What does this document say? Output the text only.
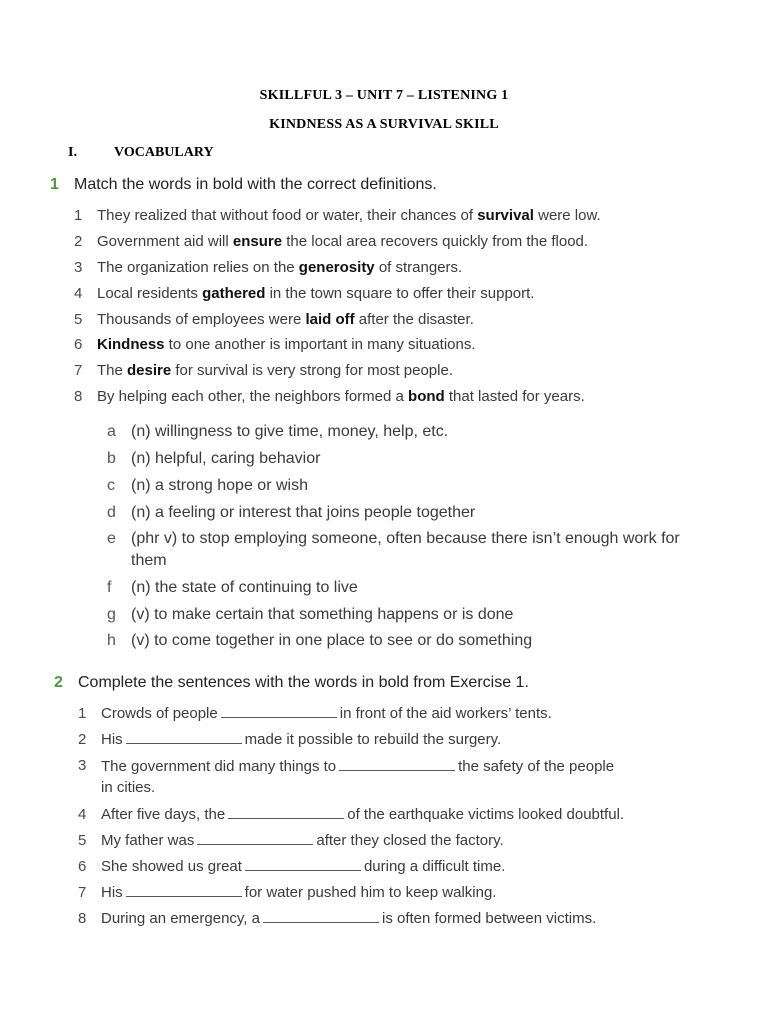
SKILLFUL 3 – UNIT 7 – LISTENING 1
KINDNESS AS A SURVIVAL SKILL
I.	VOCABULARY
1 Match the words in bold with the correct definitions.
1 They realized that without food or water, their chances of survival were low.
2 Government aid will ensure the local area recovers quickly from the flood.
3 The organization relies on the generosity of strangers.
4 Local residents gathered in the town square to offer their support.
5 Thousands of employees were laid off after the disaster.
6 Kindness to one another is important in many situations.
7 The desire for survival is very strong for most people.
8 By helping each other, the neighbors formed a bond that lasted for years.
a (n) willingness to give time, money, help, etc.
b (n) helpful, caring behavior
c (n) a strong hope or wish
d (n) a feeling or interest that joins people together
e (phr v) to stop employing someone, often because there isn’t enough work for them
f (n) the state of continuing to live
g (v) to make certain that something happens or is done
h (v) to come together in one place to see or do something
2 Complete the sentences with the words in bold from Exercise 1.
1 Crowds of people	in front of the aid workers’ tents.
2 His	made it possible to rebuild the surgery.
3 The government did many things to	the safety of the people in cities.
4 After five days, the	of the earthquake victims looked doubtful.
5 My father was	after they closed the factory.
6 She showed us great	during a difficult time.
7 His	for water pushed him to keep walking.
8 During an emergency, a	is often formed between victims.
